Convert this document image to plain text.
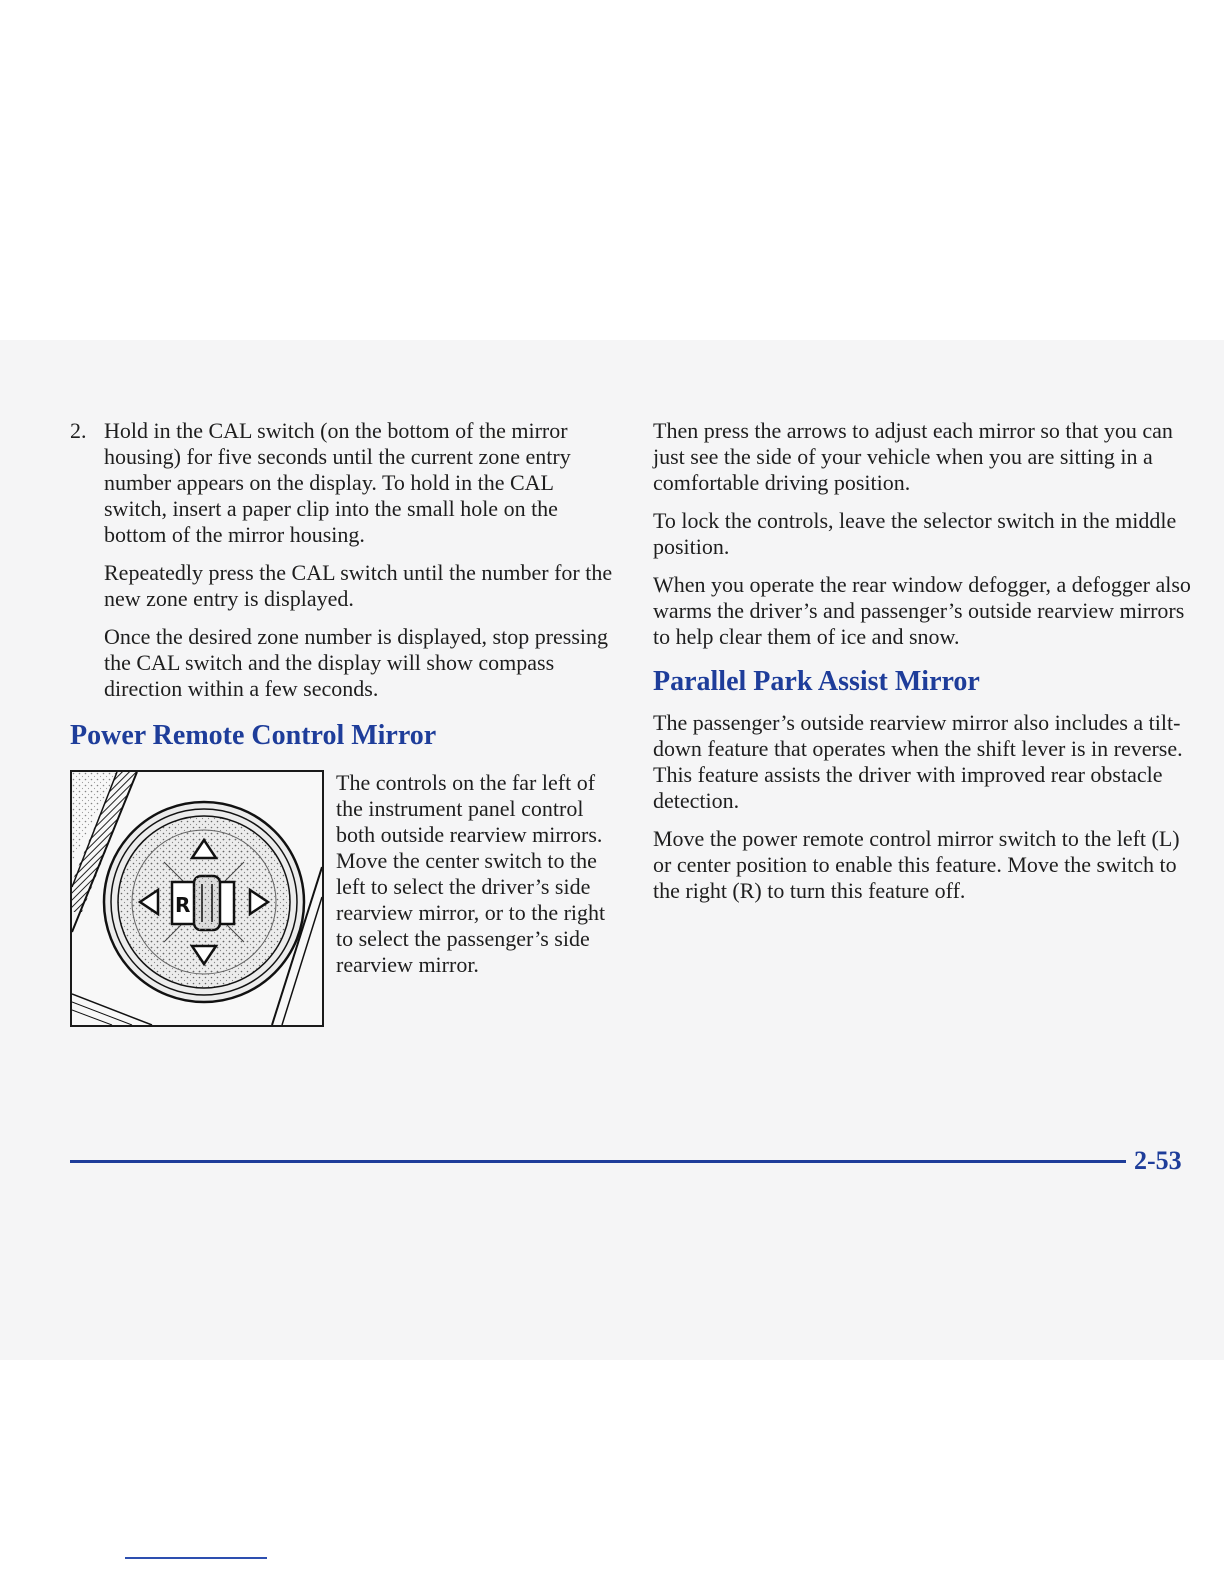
2. Hold in the CAL switch (on the bottom of the mirror housing) for five seconds until the current zone entry number appears on the display. To hold in the CAL switch, insert a paper clip into the small hole on the bottom of the mirror housing.

Repeatedly press the CAL switch until the number for the new zone entry is displayed.

Once the desired zone number is displayed, stop pressing the CAL switch and the display will show compass direction within a few seconds.

Power Remote Control Mirror
R

The controls on the far left of the instrument panel control both outside rearview mirrors. Move the center switch to the left to select the driver’s side rearview mirror, or to the right to select the passenger’s side rearview mirror.

Then press the arrows to adjust each mirror so that you can just see the side of your vehicle when you are sitting in a comfortable driving position.

To lock the controls, leave the selector switch in the middle position.

When you operate the rear window defogger, a defogger also warms the driver’s and passenger’s outside rearview mirrors to help clear them of ice and snow.

Parallel Park Assist Mirror

The passenger’s outside rearview mirror also includes a tilt-down feature that operates when the shift lever is in reverse. This feature assists the driver with improved rear obstacle detection.

Move the power remote control mirror switch to the left (L) or center position to enable this feature. Move the switch to the right (R) to turn this feature off.

2-53
